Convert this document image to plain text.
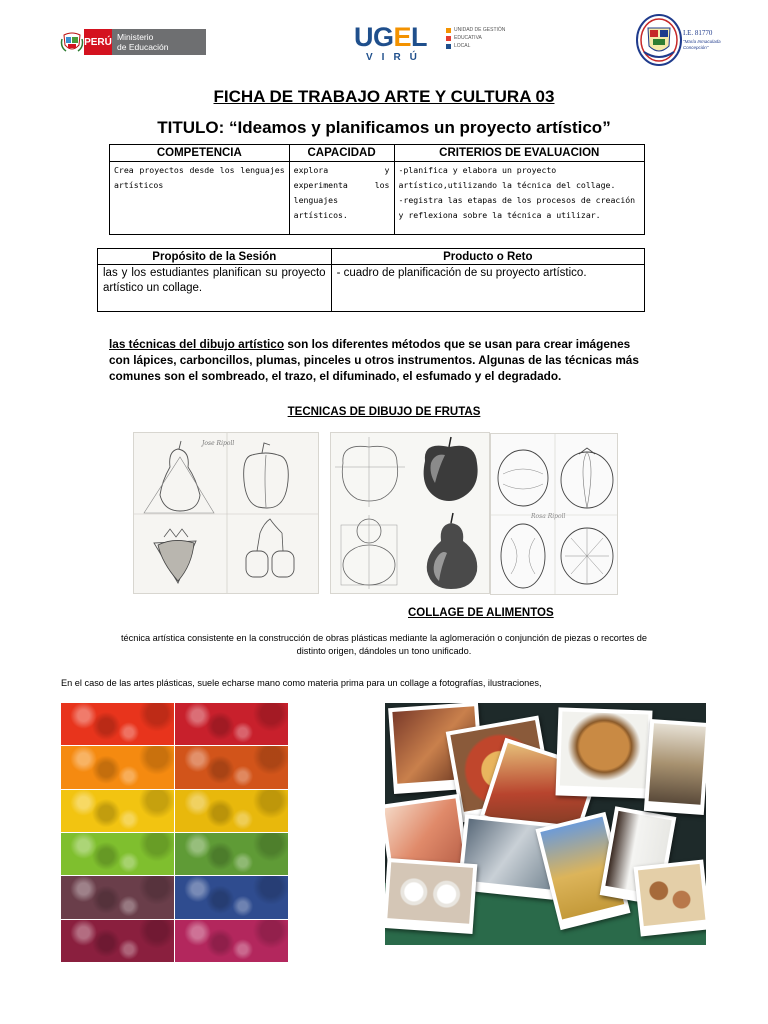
PERÚ Ministerio
de Educación	UGEL
VIRÚ
UNIDAD DE GESTIÓN
EDUCATIVA
LOCAL
I.E. 81770
"María Inmaculada
Concepción"
FICHA DE TRABAJO ARTE Y CULTURA 03
TITULO: “Ideamos y planificamos un proyecto artístico”
COMPETENCIA	CAPACIDAD	CRITERIOS DE EVALUACION
Crea proyectos desde los lenguajes artísticos	explora y experimenta los lenguajes artísticos.	-planifica y elabora un proyecto artístico,utilizando la técnica del collage.
-registra las etapas de los procesos de creación y reflexiona sobre la técnica a utilizar.
Propósito de la Sesión	Producto o Reto
las y los estudiantes planifican su proyecto artístico un collage.	- cuadro de planificación de su proyecto artístico.

las técnicas del dibujo artístico son los diferentes métodos que se usan para crear imágenes con lápices, carboncillos, plumas, pinceles u otros instrumentos. Algunas de las técnicas más comunes son el sombreado, el trazo, el difuminado, el esfumado y el degradado.

TECNICAS DE DIBUJO DE FRUTAS
Jose Ripoll
Rosa Ripoll
COLLAGE DE ALIMENTOS

técnica artística consistente en la construcción de obras plásticas mediante la aglomeración o conjunción de piezas o recortes de distinto origen, dándoles un tono unificado.

En el caso de las artes plásticas, suele echarse mano como materia prima para un collage a fotografías, ilustraciones,
